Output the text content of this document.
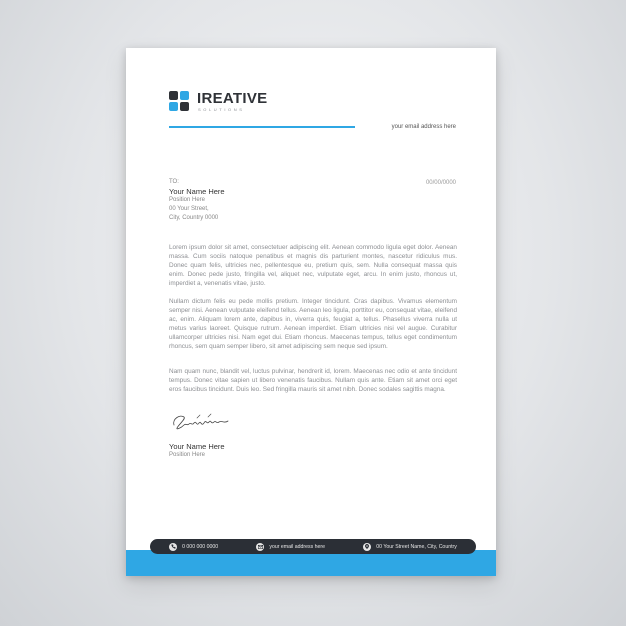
IREATIVE
SOLUTIONS
your email address here
TO:	00/00/0000
Your Name Here
Position Here
00 Your Street,
City, Country 0000

Lorem ipsum dolor sit amet, consectetuer adipiscing elit. Aenean commodo ligula eget dolor. Aenean massa. Cum sociis natoque penatibus et magnis dis parturient montes, nascetur ridiculus mus. Donec quam felis, ultricies nec, pellentesque eu, pretium quis, sem. Nulla consequat massa quis enim. Donec pede justo, fringilla vel, aliquet nec, vulputate eget, arcu. In enim justo, rhoncus ut, imperdiet a, venenatis vitae, justo.

Nullam dictum felis eu pede mollis pretium. Integer tincidunt. Cras dapibus. Vivamus elementum semper nisi. Aenean vulputate eleifend tellus. Aenean leo ligula, porttitor eu, consequat vitae, eleifend ac, enim. Aliquam lorem ante, dapibus in, viverra quis, feugiat a, tellus. Phasellus viverra nulla ut metus varius laoreet. Quisque rutrum. Aenean imperdiet. Etiam ultricies nisi vel augue. Curabitur ullamcorper ultricies nisi. Nam eget dui. Etiam rhoncus. Maecenas tempus, tellus eget condimentum rhoncus, sem quam semper libero, sit amet adipiscing sem neque sed ipsum.

Nam quam nunc, blandit vel, luctus pulvinar, hendrerit id, lorem. Maecenas nec odio et ante tincidunt tempus. Donec vitae sapien ut libero venenatis faucibus. Nullam quis ante. Etiam sit amet orci eget eros faucibus tincidunt. Duis leo. Sed fringilla mauris sit amet nibh. Donec sodales sagittis magna.

Your Name Here
Position Here
0 000 000 0000	your email address here	00 Your Street Name, City, Country
